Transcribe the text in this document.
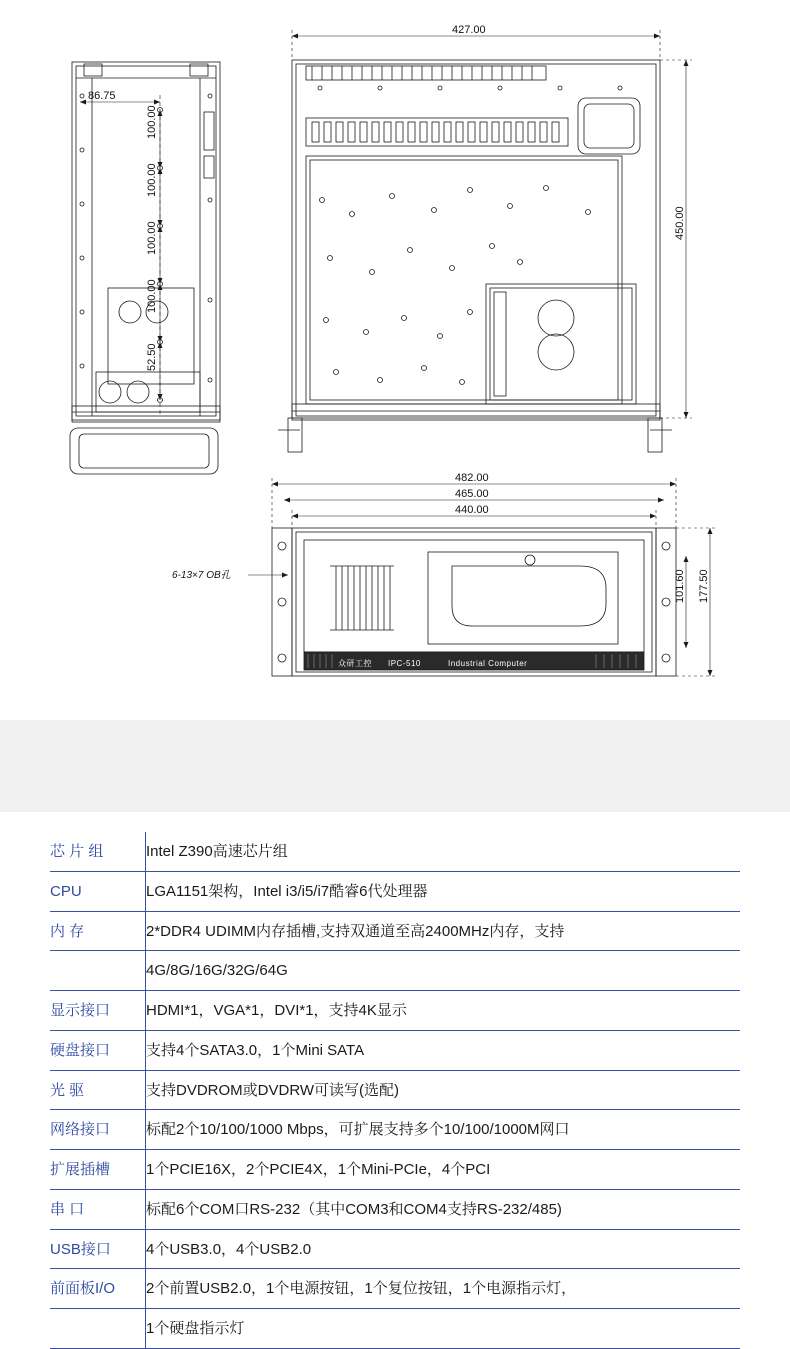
86.75
100.00
100.00
100.00
100.00
52.50
427.00
450.00
482.00
465.00
440.00
101.60 177.50
6-13×7 OB孔
众研工控 IPC-510	Industrial Computer
芯 片 组	Intel Z390高速芯片组
CPU	LGA1151架构，Intel i3/i5/i7酷睿6代处理器
内 存	2*DDR4 UDIMM内存插槽,支持双通道至高2400MHz内存，支持
	4G/8G/16G/32G/64G
显示接口	HDMI*1，VGA*1，DVI*1，支持4K显示
硬盘接口	支持4个SATA3.0，1个Mini SATA
光 驱	支持DVDROM或DVDRW可读写(选配)
网络接口	标配2个10/100/1000 Mbps，可扩展支持多个10/100/1000M网口
扩展插槽	1个PCIE16X，2个PCIE4X，1个Mini-PCIe，4个PCI
串 口	标配6个COM口RS-232（其中COM3和COM4支持RS-232/485)
USB接口	4个USB3.0，4个USB2.0
前面板I/O	2个前置USB2.0，1个电源按钮，1个复位按钮，1个电源指示灯，
	1个硬盘指示灯
